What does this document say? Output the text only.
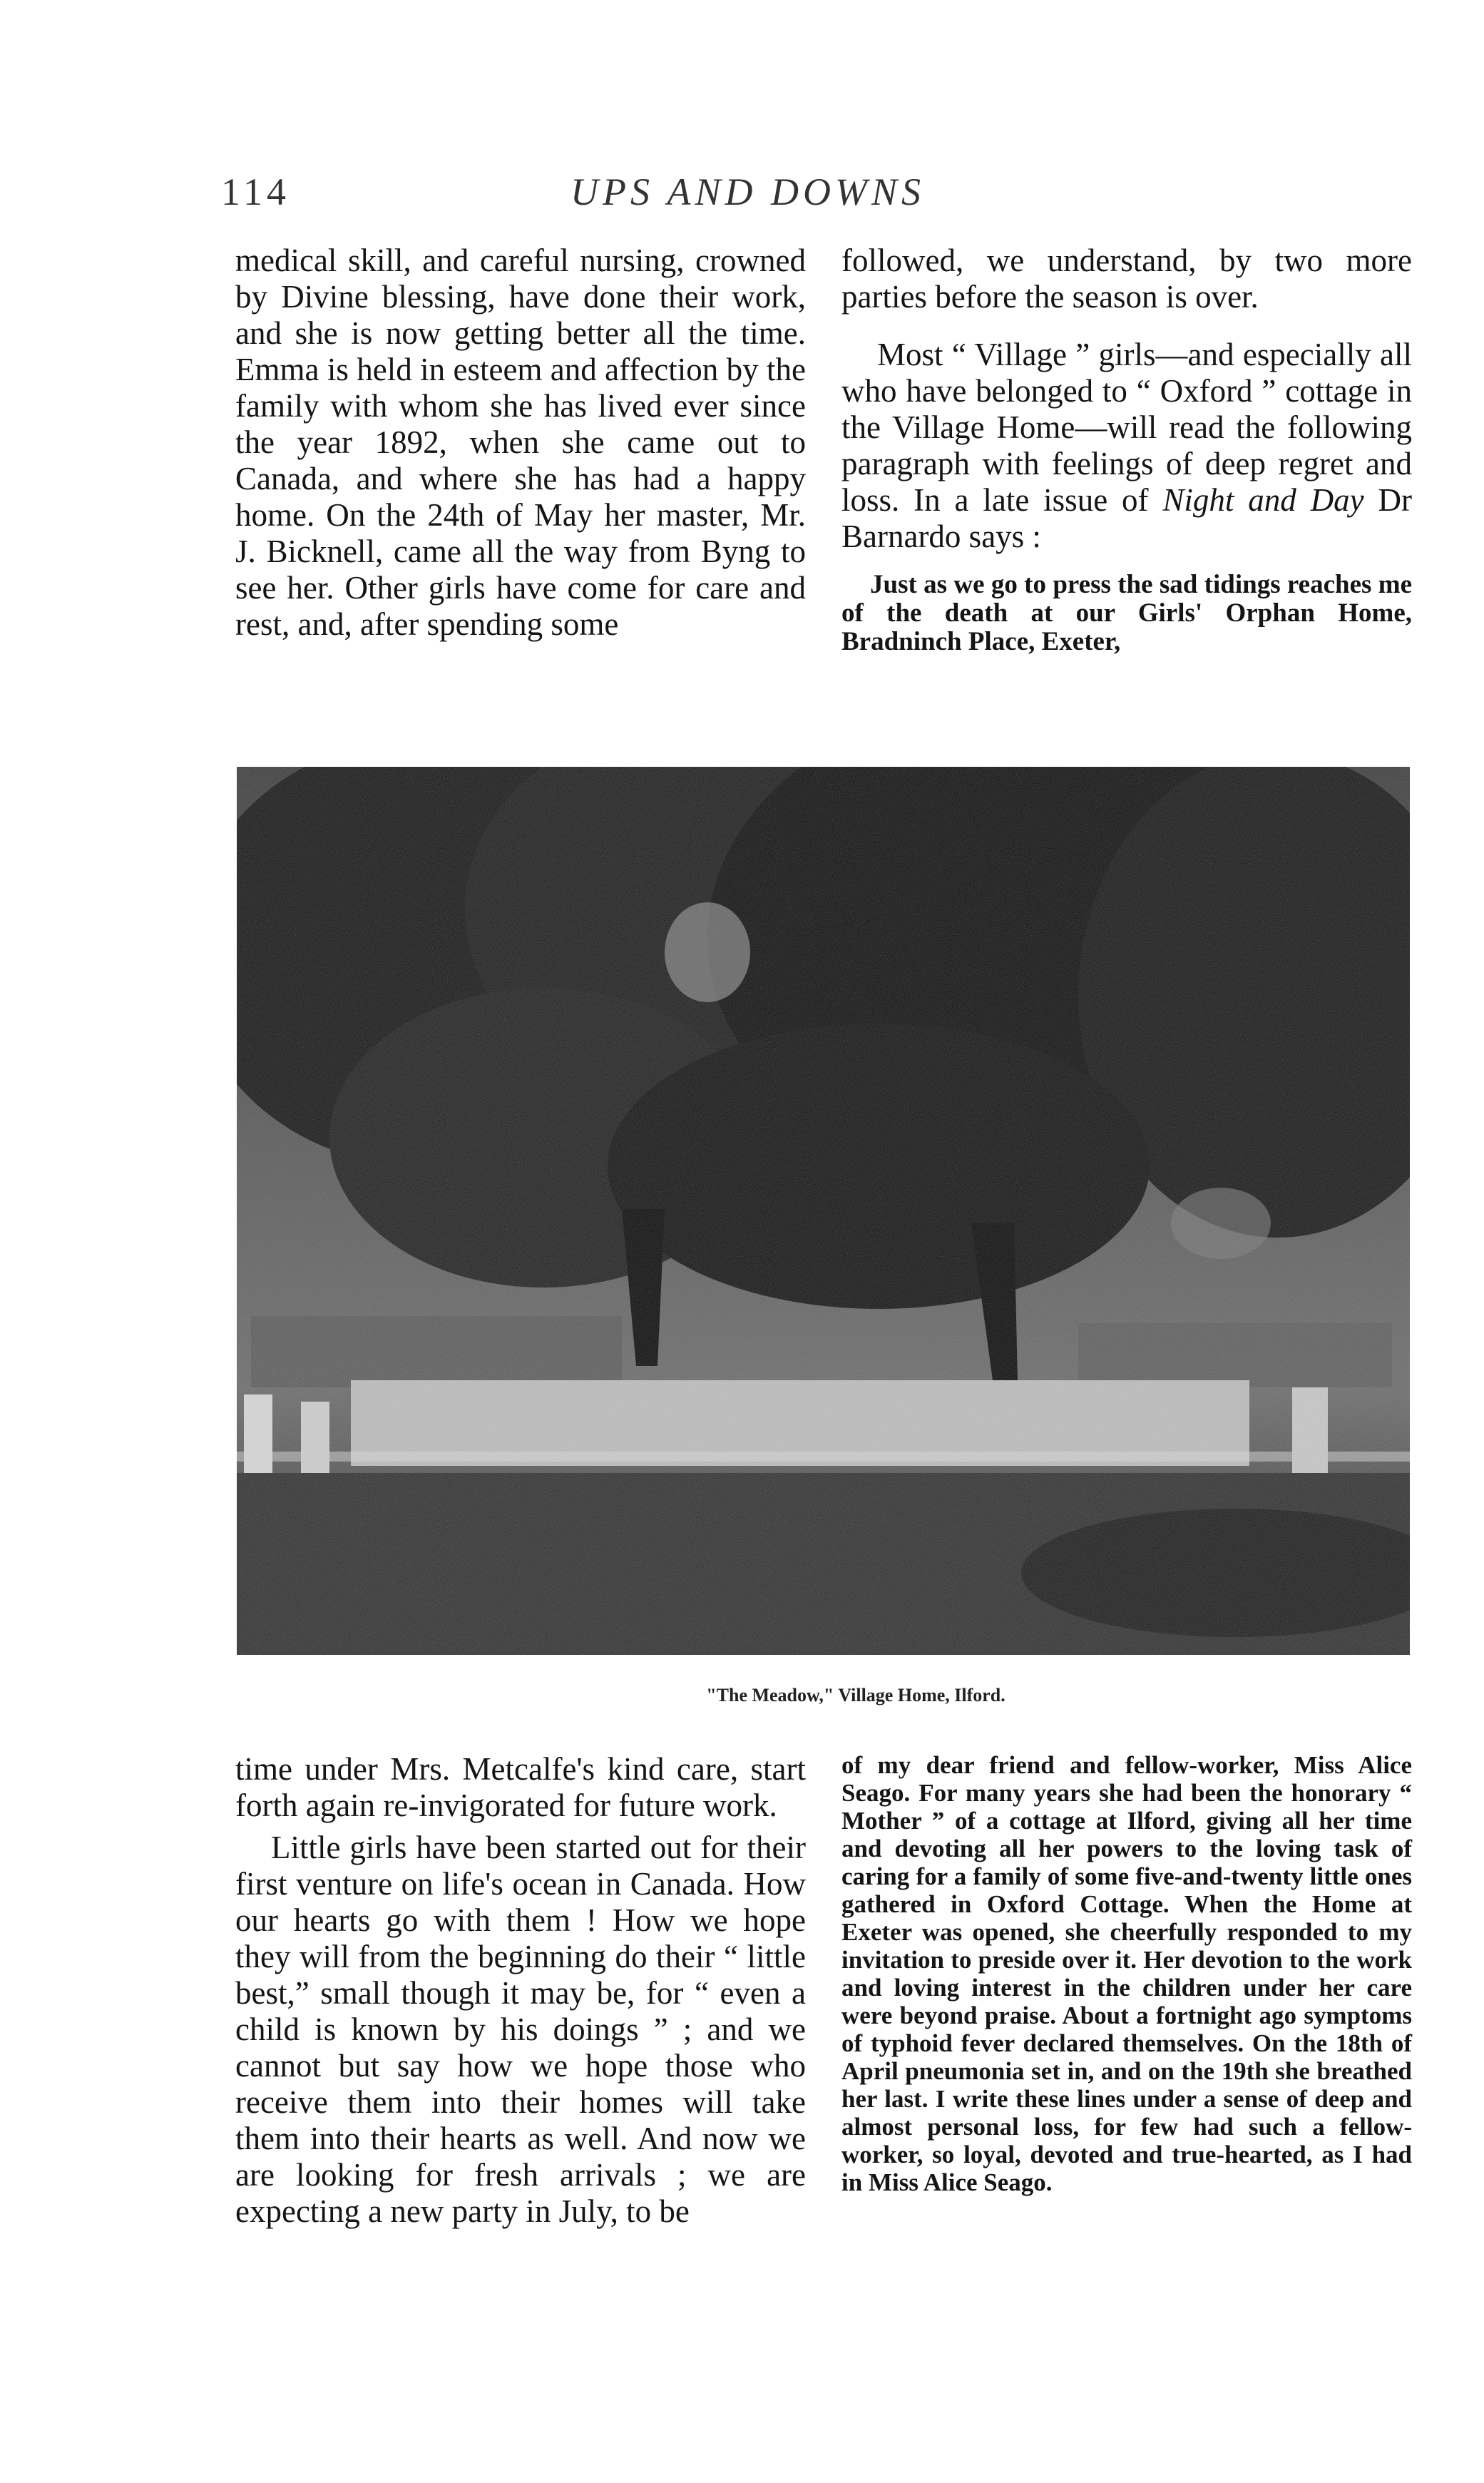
114	UPS AND DOWNS

medical skill, and careful nursing, crowned by Divine blessing, have done their work, and she is now getting better all the time. Emma is held in esteem and affection by the family with whom she has lived ever since the year 1892, when she came out to Canada, and where she has had a happy home. On the 24th of May her master, Mr. J. Bicknell, came all the way from Byng to see her. Other girls have come for care and rest, and, after spending some

followed, we understand, by two more parties before the season is over.

Most “ Village ” girls—and especially all who have belonged to “ Oxford ” cottage in the Village Home—will read the following paragraph with feelings of deep regret and loss. In a late issue of Night and Day Dr Barnardo says :

Just as we go to press the sad tidings reaches me of the death at our Girls' Orphan Home, Bradninch Place, Exeter,

"The Meadow," Village Home, Ilford.

time under Mrs. Metcalfe's kind care, start forth again re-invigorated for future work.

Little girls have been started out for their first venture on life's ocean in Canada. How our hearts go with them ! How we hope they will from the beginning do their “ little best,” small though it may be, for “ even a child is known by his doings ” ; and we cannot but say how we hope those who receive them into their homes will take them into their hearts as well. And now we are looking for fresh arrivals ; we are expecting a new party in July, to be

of my dear friend and fellow-worker, Miss Alice Seago. For many years she had been the honorary “ Mother ” of a cottage at Ilford, giving all her time and devoting all her powers to the loving task of caring for a family of some five-and-twenty little ones gathered in Oxford Cottage. When the Home at Exeter was opened, she cheerfully responded to my invitation to preside over it. Her devotion to the work and loving interest in the children under her care were beyond praise. About a fortnight ago symptoms of typhoid fever declared themselves. On the 18th of April pneumonia set in, and on the 19th she breathed her last. I write these lines under a sense of deep and almost personal loss, for few had such a fellow-worker, so loyal, devoted and true-hearted, as I had in Miss Alice Seago.
